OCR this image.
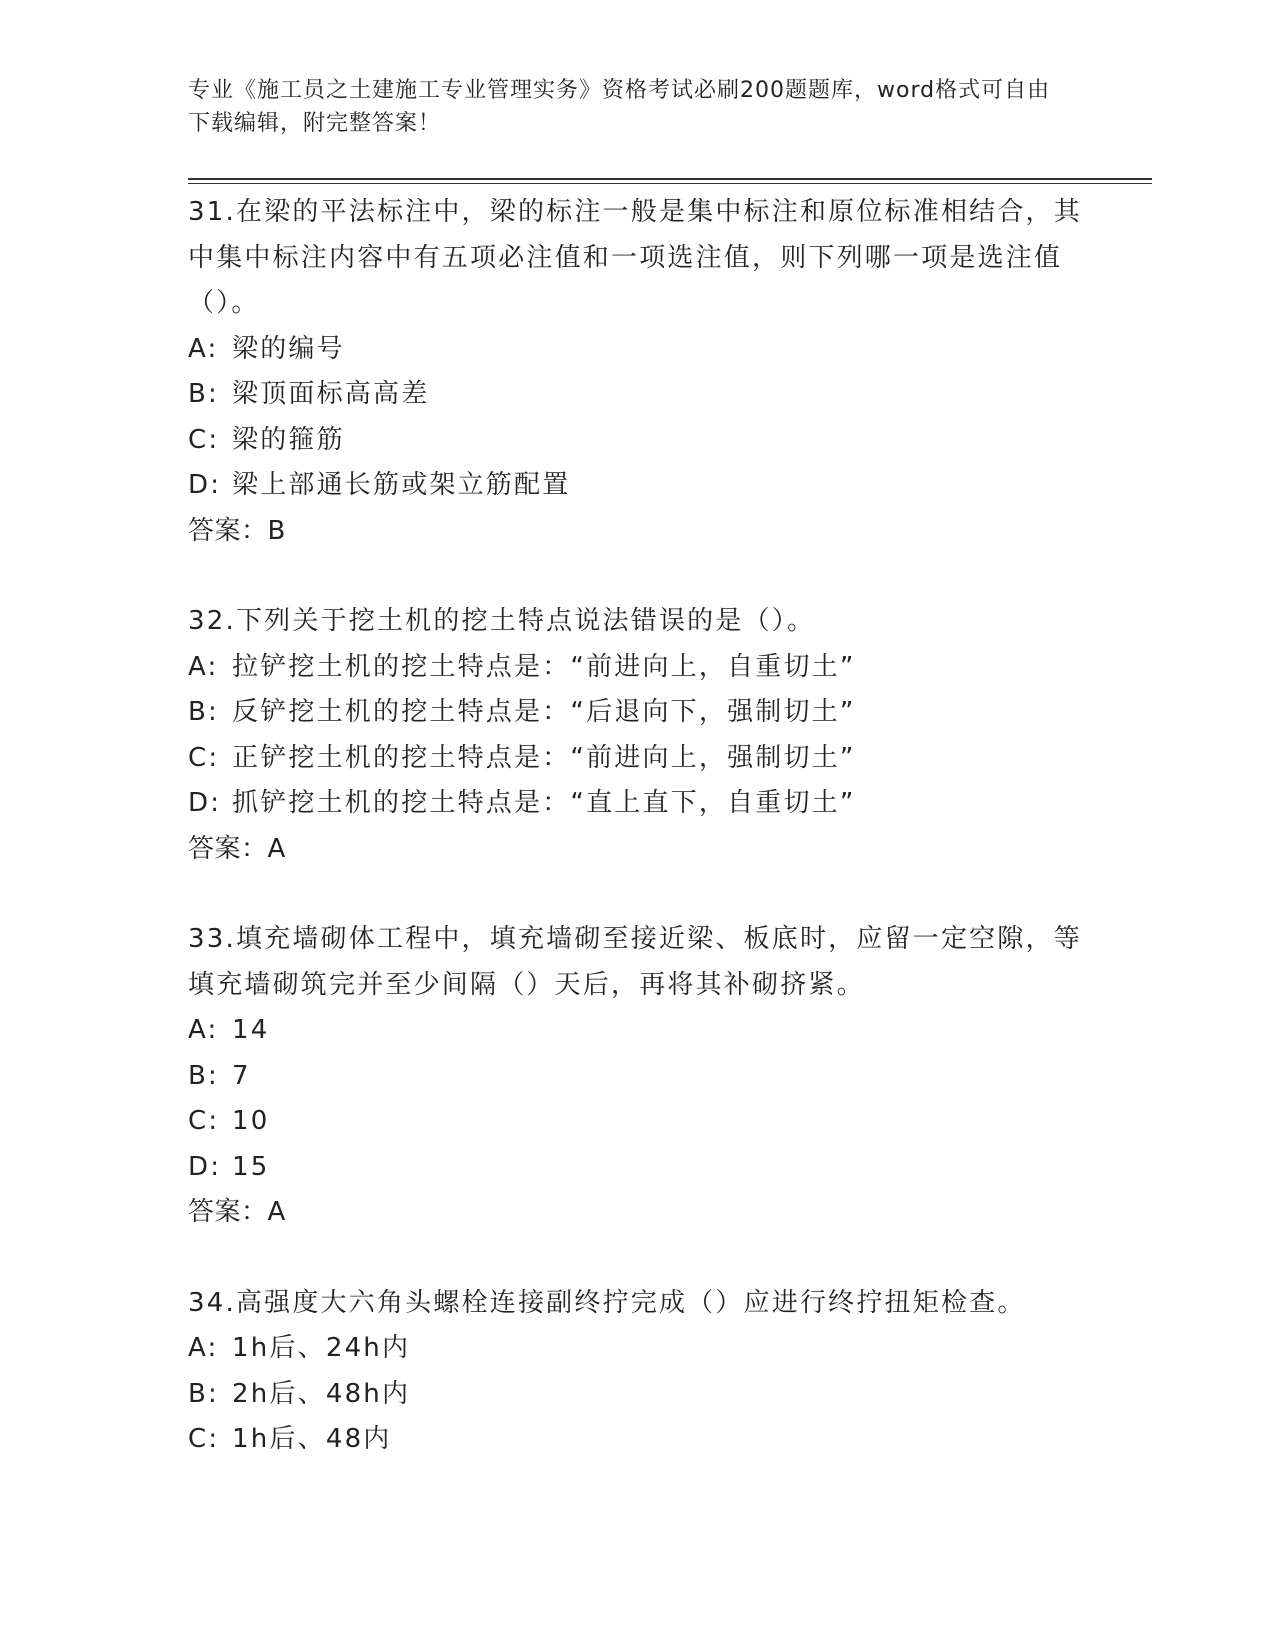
专业《施工员之土建施工专业管理实务》资格考试必刷200题题库，word格式可自由下载编辑，附完整答案！

31.在梁的平法标注中，梁的标注一般是集中标注和原位标准相结合，其中集中标注内容中有五项必注值和一项选注值，则下列哪一项是选注值（）。

A: 梁的编号

B: 梁顶面标高高差

C: 梁的箍筋

D: 梁上部通长筋或架立筋配置

答案：B

32.下列关于挖土机的挖土特点说法错误的是（）。

A: 拉铲挖土机的挖土特点是：“前进向上，自重切土”

B: 反铲挖土机的挖土特点是：“后退向下，强制切土”

C: 正铲挖土机的挖土特点是：“前进向上，强制切土”

D: 抓铲挖土机的挖土特点是：“直上直下，自重切土”

答案：A

33.填充墙砌体工程中，填充墙砌至接近梁、板底时，应留一定空隙，等填充墙砌筑完并至少间隔（）天后，再将其补砌挤紧。

A: 14

B: 7

C: 10

D: 15

答案：A

34.高强度大六角头螺栓连接副终拧完成（）应进行终拧扭矩检查。

A: 1h后、24h内

B: 2h后、48h内

C: 1h后、48内
